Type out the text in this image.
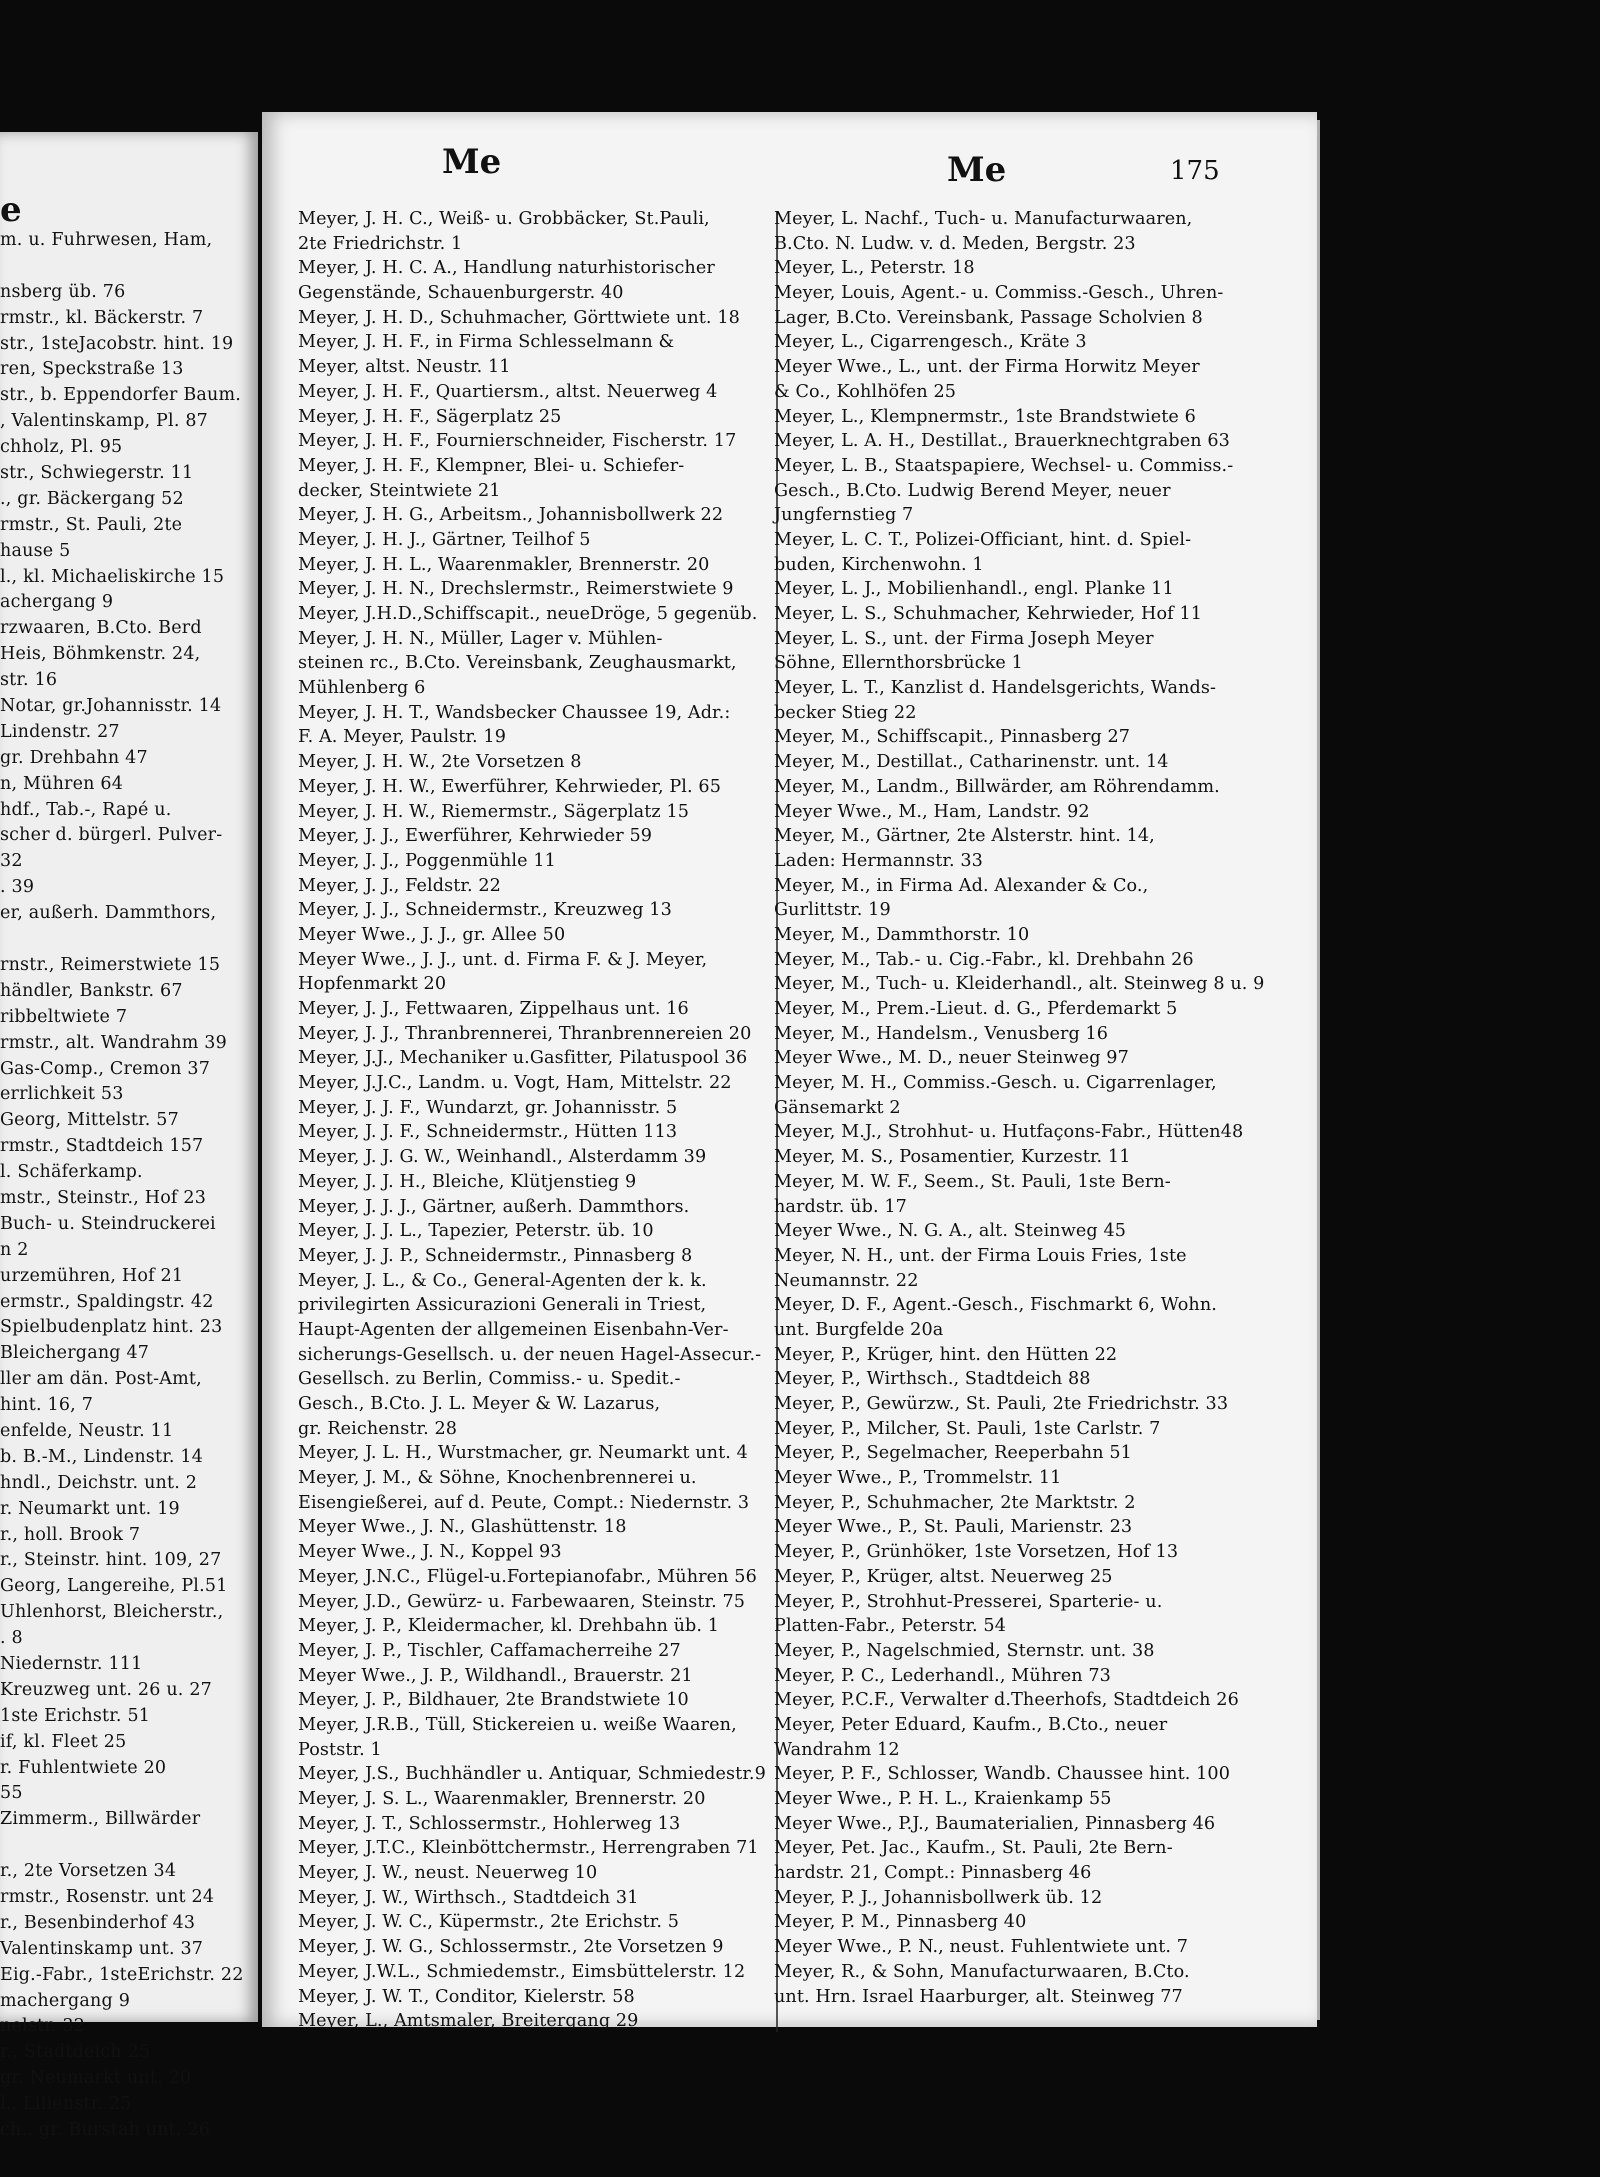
e
m. u. Fuhrwesen, Ham,
nsberg üb. 76
rmstr., kl. Bäckerstr. 7
str., 1steJacobstr. hint. 19
ren, Speckstraße 13
str., b. Eppendorfer Baum.
, Valentinskamp, Pl. 87
chholz, Pl. 95
str., Schwiegerstr. 11
., gr. Bäckergang 52
rmstr., St. Pauli, 2te
hause 5
l., kl. Michaeliskirche 15
achergang 9
rzwaaren, B.Cto. Berd
Heis, Böhmkenstr. 24,
str. 16
Notar, gr.Johannisstr. 14
Lindenstr. 27
gr. Drehbahn 47
n, Mühren 64
hdf., Tab.-, Rapé u.
scher d. bürgerl. Pulver-
32
. 39
er, außerh. Dammthors,
rnstr., Reimerstwiete 15
händler, Bankstr. 67
ribbeltwiete 7
rmstr., alt. Wandrahm 39
Gas-Comp., Cremon 37
errlichkeit 53
Georg, Mittelstr. 57
rmstr., Stadtdeich 157
l. Schäferkamp.
mstr., Steinstr., Hof 23
Buch- u. Steindruckerei
n 2
urzemühren, Hof 21
ermstr., Spaldingstr. 42
Spielbudenplatz hint. 23
Bleichergang 47
ller am dän. Post-Amt,
hint. 16, 7
enfelde, Neustr. 11
b. B.-M., Lindenstr. 14
hndl., Deichstr. unt. 2
r. Neumarkt unt. 19
r., holl. Brook 7
r., Steinstr. hint. 109, 27
Georg, Langereihe, Pl.51
Uhlenhorst, Bleicherstr.,
. 8
Niedernstr. 111
Kreuzweg unt. 26 u. 27
1ste Erichstr. 51
if, kl. Fleet 25
r. Fuhlentwiete 20
55
Zimmerm., Billwärder
r., 2te Vorsetzen 34
rmstr., Rosenstr. unt 24
r., Besenbinderhof 43
Valentinskamp unt. 37
Eig.-Fabr., 1steErichstr. 22
machergang 9
nelstr. 32
r., Stadtdeich 25
gr. Neumarkt unt. 20
l., Lilienstr. 25
ch., gr. Burstah unt. 26
Me	Me	175
Meyer, J. H. C., Weiß- u. Grobbäcker, St.Pauli,
2te Friedrichstr. 1
Meyer, J. H. C. A., Handlung naturhistorischer
Gegenstände, Schauenburgerstr. 40
Meyer, J. H. D., Schuhmacher, Görttwiete unt. 18
Meyer, J. H. F., in Firma Schlesselmann &
Meyer, altst. Neustr. 11
Meyer, J. H. F., Quartiersm., altst. Neuerweg 4
Meyer, J. H. F., Sägerplatz 25
Meyer, J. H. F., Fournierschneider, Fischerstr. 17
Meyer, J. H. F., Klempner, Blei- u. Schiefer-
decker, Steintwiete 21
Meyer, J. H. G., Arbeitsm., Johannisbollwerk 22
Meyer, J. H. J., Gärtner, Teilhof 5
Meyer, J. H. L., Waarenmakler, Brennerstr. 20
Meyer, J. H. N., Drechslermstr., Reimerstwiete 9
Meyer, J.H.D.,Schiffscapit., neueDröge, 5 gegenüb.
Meyer, J. H. N., Müller, Lager v. Mühlen-
steinen rc., B.Cto. Vereinsbank, Zeughausmarkt,
Mühlenberg 6
Meyer, J. H. T., Wandsbecker Chaussee 19, Adr.:
F. A. Meyer, Paulstr. 19
Meyer, J. H. W., 2te Vorsetzen 8
Meyer, J. H. W., Ewerführer, Kehrwieder, Pl. 65
Meyer, J. H. W., Riemermstr., Sägerplatz 15
Meyer, J. J., Ewerführer, Kehrwieder 59
Meyer, J. J., Poggenmühle 11
Meyer, J. J., Feldstr. 22
Meyer, J. J., Schneidermstr., Kreuzweg 13
Meyer Wwe., J. J., gr. Allee 50
Meyer Wwe., J. J., unt. d. Firma F. & J. Meyer,
Hopfenmarkt 20
Meyer, J. J., Fettwaaren, Zippelhaus unt. 16
Meyer, J. J., Thranbrennerei, Thranbrennereien 20
Meyer, J.J., Mechaniker u.Gasfitter, Pilatuspool 36
Meyer, J.J.C., Landm. u. Vogt, Ham, Mittelstr. 22
Meyer, J. J. F., Wundarzt, gr. Johannisstr. 5
Meyer, J. J. F., Schneidermstr., Hütten 113
Meyer, J. J. G. W., Weinhandl., Alsterdamm 39
Meyer, J. J. H., Bleiche, Klütjenstieg 9
Meyer, J. J. J., Gärtner, außerh. Dammthors.
Meyer, J. J. L., Tapezier, Peterstr. üb. 10
Meyer, J. J. P., Schneidermstr., Pinnasberg 8
Meyer, J. L., & Co., General-Agenten der k. k.
privilegirten Assicurazioni Generali in Triest,
Haupt-Agenten der allgemeinen Eisenbahn-Ver-
sicherungs-Gesellsch. u. der neuen Hagel-Assecur.-
Gesellsch. zu Berlin, Commiss.- u. Spedit.-
Gesch., B.Cto. J. L. Meyer & W. Lazarus,
gr. Reichenstr. 28
Meyer, J. L. H., Wurstmacher, gr. Neumarkt unt. 4
Meyer, J. M., & Söhne, Knochenbrennerei u.
Eisengießerei, auf d. Peute, Compt.: Niedernstr. 3
Meyer Wwe., J. N., Glashüttenstr. 18
Meyer Wwe., J. N., Koppel 93
Meyer, J.N.C., Flügel-u.Fortepianofabr., Mühren 56
Meyer, J.D., Gewürz- u. Farbewaaren, Steinstr. 75
Meyer, J. P., Kleidermacher, kl. Drehbahn üb. 1
Meyer, J. P., Tischler, Caffamacherreihe 27
Meyer Wwe., J. P., Wildhandl., Brauerstr. 21
Meyer, J. P., Bildhauer, 2te Brandstwiete 10
Meyer, J.R.B., Tüll, Stickereien u. weiße Waaren,
Poststr. 1
Meyer, J.S., Buchhändler u. Antiquar, Schmiedestr.9
Meyer, J. S. L., Waarenmakler, Brennerstr. 20
Meyer, J. T., Schlossermstr., Hohlerweg 13
Meyer, J.T.C., Kleinböttchermstr., Herrengraben 71
Meyer, J. W., neust. Neuerweg 10
Meyer, J. W., Wirthsch., Stadtdeich 31
Meyer, J. W. C., Küpermstr., 2te Erichstr. 5
Meyer, J. W. G., Schlossermstr., 2te Vorsetzen 9
Meyer, J.W.L., Schmiedemstr., Eimsbüttelerstr. 12
Meyer, J. W. T., Conditor, Kielerstr. 58
Meyer, L., Amtsmaler, Breitergang 29
Meyer, L. Nachf., Tuch- u. Manufacturwaaren,
B.Cto. N. Ludw. v. d. Meden, Bergstr. 23
Meyer, L., Peterstr. 18
Meyer, Louis, Agent.- u. Commiss.-Gesch., Uhren-
Lager, B.Cto. Vereinsbank, Passage Scholvien 8
Meyer, L., Cigarrengesch., Kräte 3
Meyer Wwe., L., unt. der Firma Horwitz Meyer
& Co., Kohlhöfen 25
Meyer, L., Klempnermstr., 1ste Brandstwiete 6
Meyer, L. A. H., Destillat., Brauerknechtgraben 63
Meyer, L. B., Staatspapiere, Wechsel- u. Commiss.-
Gesch., B.Cto. Ludwig Berend Meyer, neuer
Jungfernstieg 7
Meyer, L. C. T., Polizei-Officiant, hint. d. Spiel-
buden, Kirchenwohn. 1
Meyer, L. J., Mobilienhandl., engl. Planke 11
Meyer, L. S., Schuhmacher, Kehrwieder, Hof 11
Meyer, L. S., unt. der Firma Joseph Meyer
Söhne, Ellernthorsbrücke 1
Meyer, L. T., Kanzlist d. Handelsgerichts, Wands-
becker Stieg 22
Meyer, M., Schiffscapit., Pinnasberg 27
Meyer, M., Destillat., Catharinenstr. unt. 14
Meyer, M., Landm., Billwärder, am Röhrendamm.
Meyer Wwe., M., Ham, Landstr. 92
Meyer, M., Gärtner, 2te Alsterstr. hint. 14,
Laden: Hermannstr. 33
Meyer, M., in Firma Ad. Alexander & Co.,
Gurlittstr. 19
Meyer, M., Dammthorstr. 10
Meyer, M., Tab.- u. Cig.-Fabr., kl. Drehbahn 26
Meyer, M., Tuch- u. Kleiderhandl., alt. Steinweg 8 u. 9
Meyer, M., Prem.-Lieut. d. G., Pferdemarkt 5
Meyer, M., Handelsm., Venusberg 16
Meyer Wwe., M. D., neuer Steinweg 97
Meyer, M. H., Commiss.-Gesch. u. Cigarrenlager,
Gänsemarkt 2
Meyer, M.J., Strohhut- u. Hutfaçons-Fabr., Hütten48
Meyer, M. S., Posamentier, Kurzestr. 11
Meyer, M. W. F., Seem., St. Pauli, 1ste Bern-
hardstr. üb. 17
Meyer Wwe., N. G. A., alt. Steinweg 45
Meyer, N. H., unt. der Firma Louis Fries, 1ste
Neumannstr. 22
Meyer, D. F., Agent.-Gesch., Fischmarkt 6, Wohn.
unt. Burgfelde 20a
Meyer, P., Krüger, hint. den Hütten 22
Meyer, P., Wirthsch., Stadtdeich 88
Meyer, P., Gewürzw., St. Pauli, 2te Friedrichstr. 33
Meyer, P., Milcher, St. Pauli, 1ste Carlstr. 7
Meyer, P., Segelmacher, Reeperbahn 51
Meyer Wwe., P., Trommelstr. 11
Meyer, P., Schuhmacher, 2te Marktstr. 2
Meyer Wwe., P., St. Pauli, Marienstr. 23
Meyer, P., Grünhöker, 1ste Vorsetzen, Hof 13
Meyer, P., Krüger, altst. Neuerweg 25
Meyer, P., Strohhut-Presserei, Sparterie- u.
Platten-Fabr., Peterstr. 54
Meyer, P., Nagelschmied, Sternstr. unt. 38
Meyer, P. C., Lederhandl., Mühren 73
Meyer, P.C.F., Verwalter d.Theerhofs, Stadtdeich 26
Meyer, Peter Eduard, Kaufm., B.Cto., neuer
Wandrahm 12
Meyer, P. F., Schlosser, Wandb. Chaussee hint. 100
Meyer Wwe., P. H. L., Kraienkamp 55
Meyer Wwe., P.J., Baumaterialien, Pinnasberg 46
Meyer, Pet. Jac., Kaufm., St. Pauli, 2te Bern-
hardstr. 21, Compt.: Pinnasberg 46
Meyer, P. J., Johannisbollwerk üb. 12
Meyer, P. M., Pinnasberg 40
Meyer Wwe., P. N., neust. Fuhlentwiete unt. 7
Meyer, R., & Sohn, Manufacturwaaren, B.Cto.
unt. Hrn. Israel Haarburger, alt. Steinweg 77
